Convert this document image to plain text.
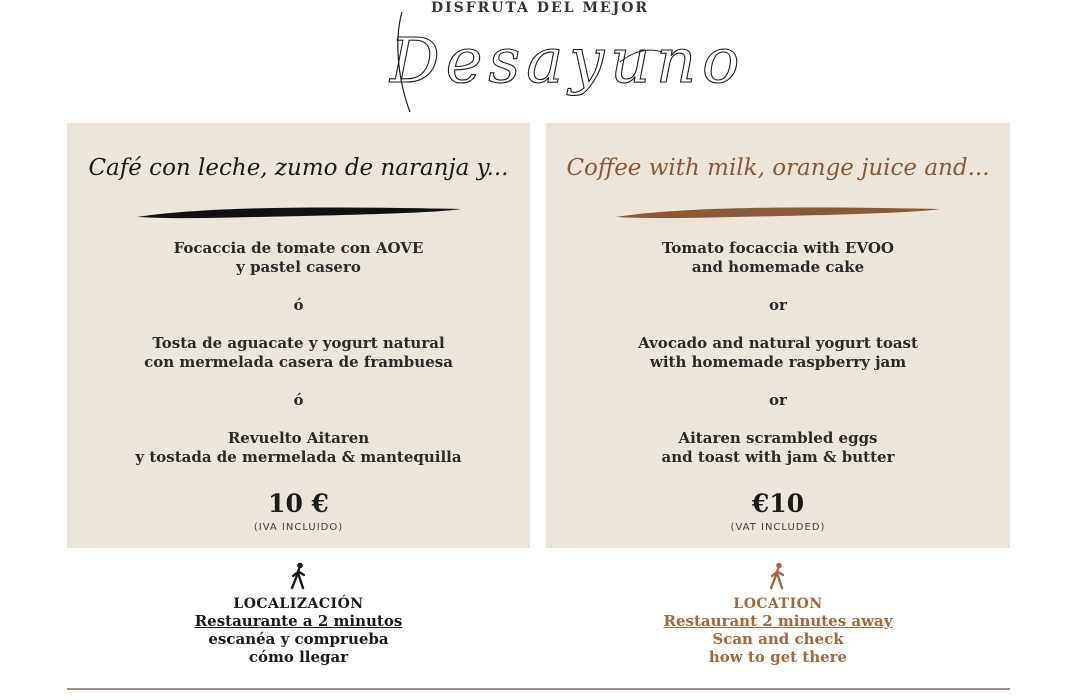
DISFRUTA DEL MEJOR
Desayuno
Café con leche, zumo de naranja y...
Focaccia de tomate con AOVE
y pastel casero
ó
Tosta de aguacate y yogurt natural
con mermelada casera de frambuesa
ó
Revuelto Aitaren
y tostada de mermelada & mantequilla
10 €
(IVA INCLUIDO)
Coffee with milk, orange juice and...
Tomato focaccia with EVOO
and homemade cake
or
Avocado and natural yogurt toast
with homemade raspberry jam
or
Aitaren scrambled eggs
and toast with jam & butter
€10
(VAT INCLUDED)
LOCALIZACIÓN
Restaurante a 2 minutos
escanéa y comprueba
cómo llegar
LOCATION
Restaurant 2 minutes away
Scan and check
how to get there
